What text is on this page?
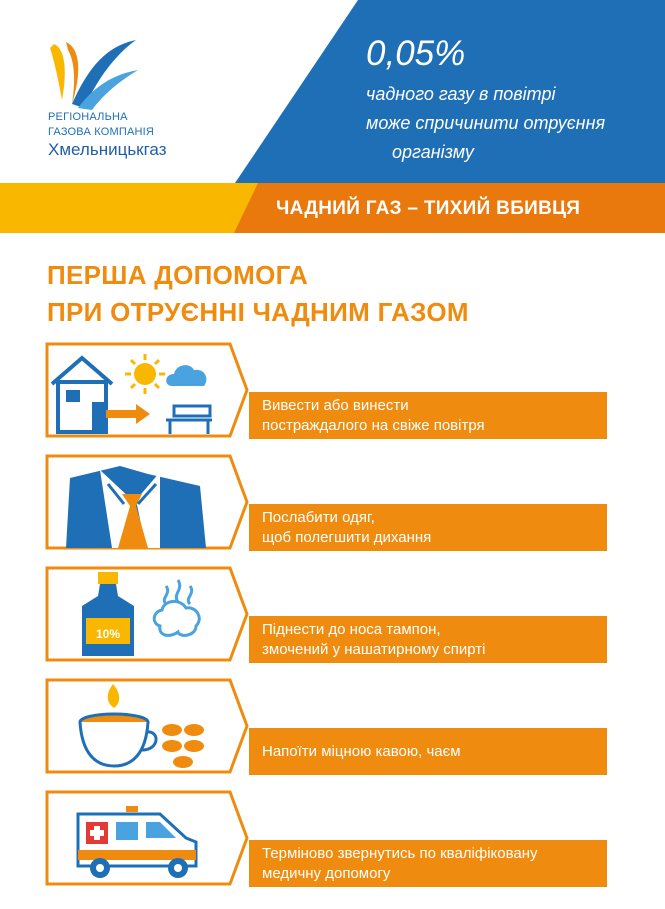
РЕГІОНАЛЬНА
ГАЗОВА КОМПАНІЯ
Хмельницькгаз
0,05%
чадного газу в повітрі
може спричинити отруєння
організму
ЧАДНИЙ ГАЗ – ТИХИЙ ВБИВЦЯ
ПЕРША ДОПОМОГА
ПРИ ОТРУЄННІ ЧАДНИМ ГАЗОМ
Вивести або винести
постраждалого на свіже повітря
Послабити одяг,
щоб полегшити дихання
10%	Піднести до носа тампон,
змочений у нашатирному спирті
Напоїти міцною кавою, чаєм
Терміново звернутись по кваліфіковану
медичну допомогу
